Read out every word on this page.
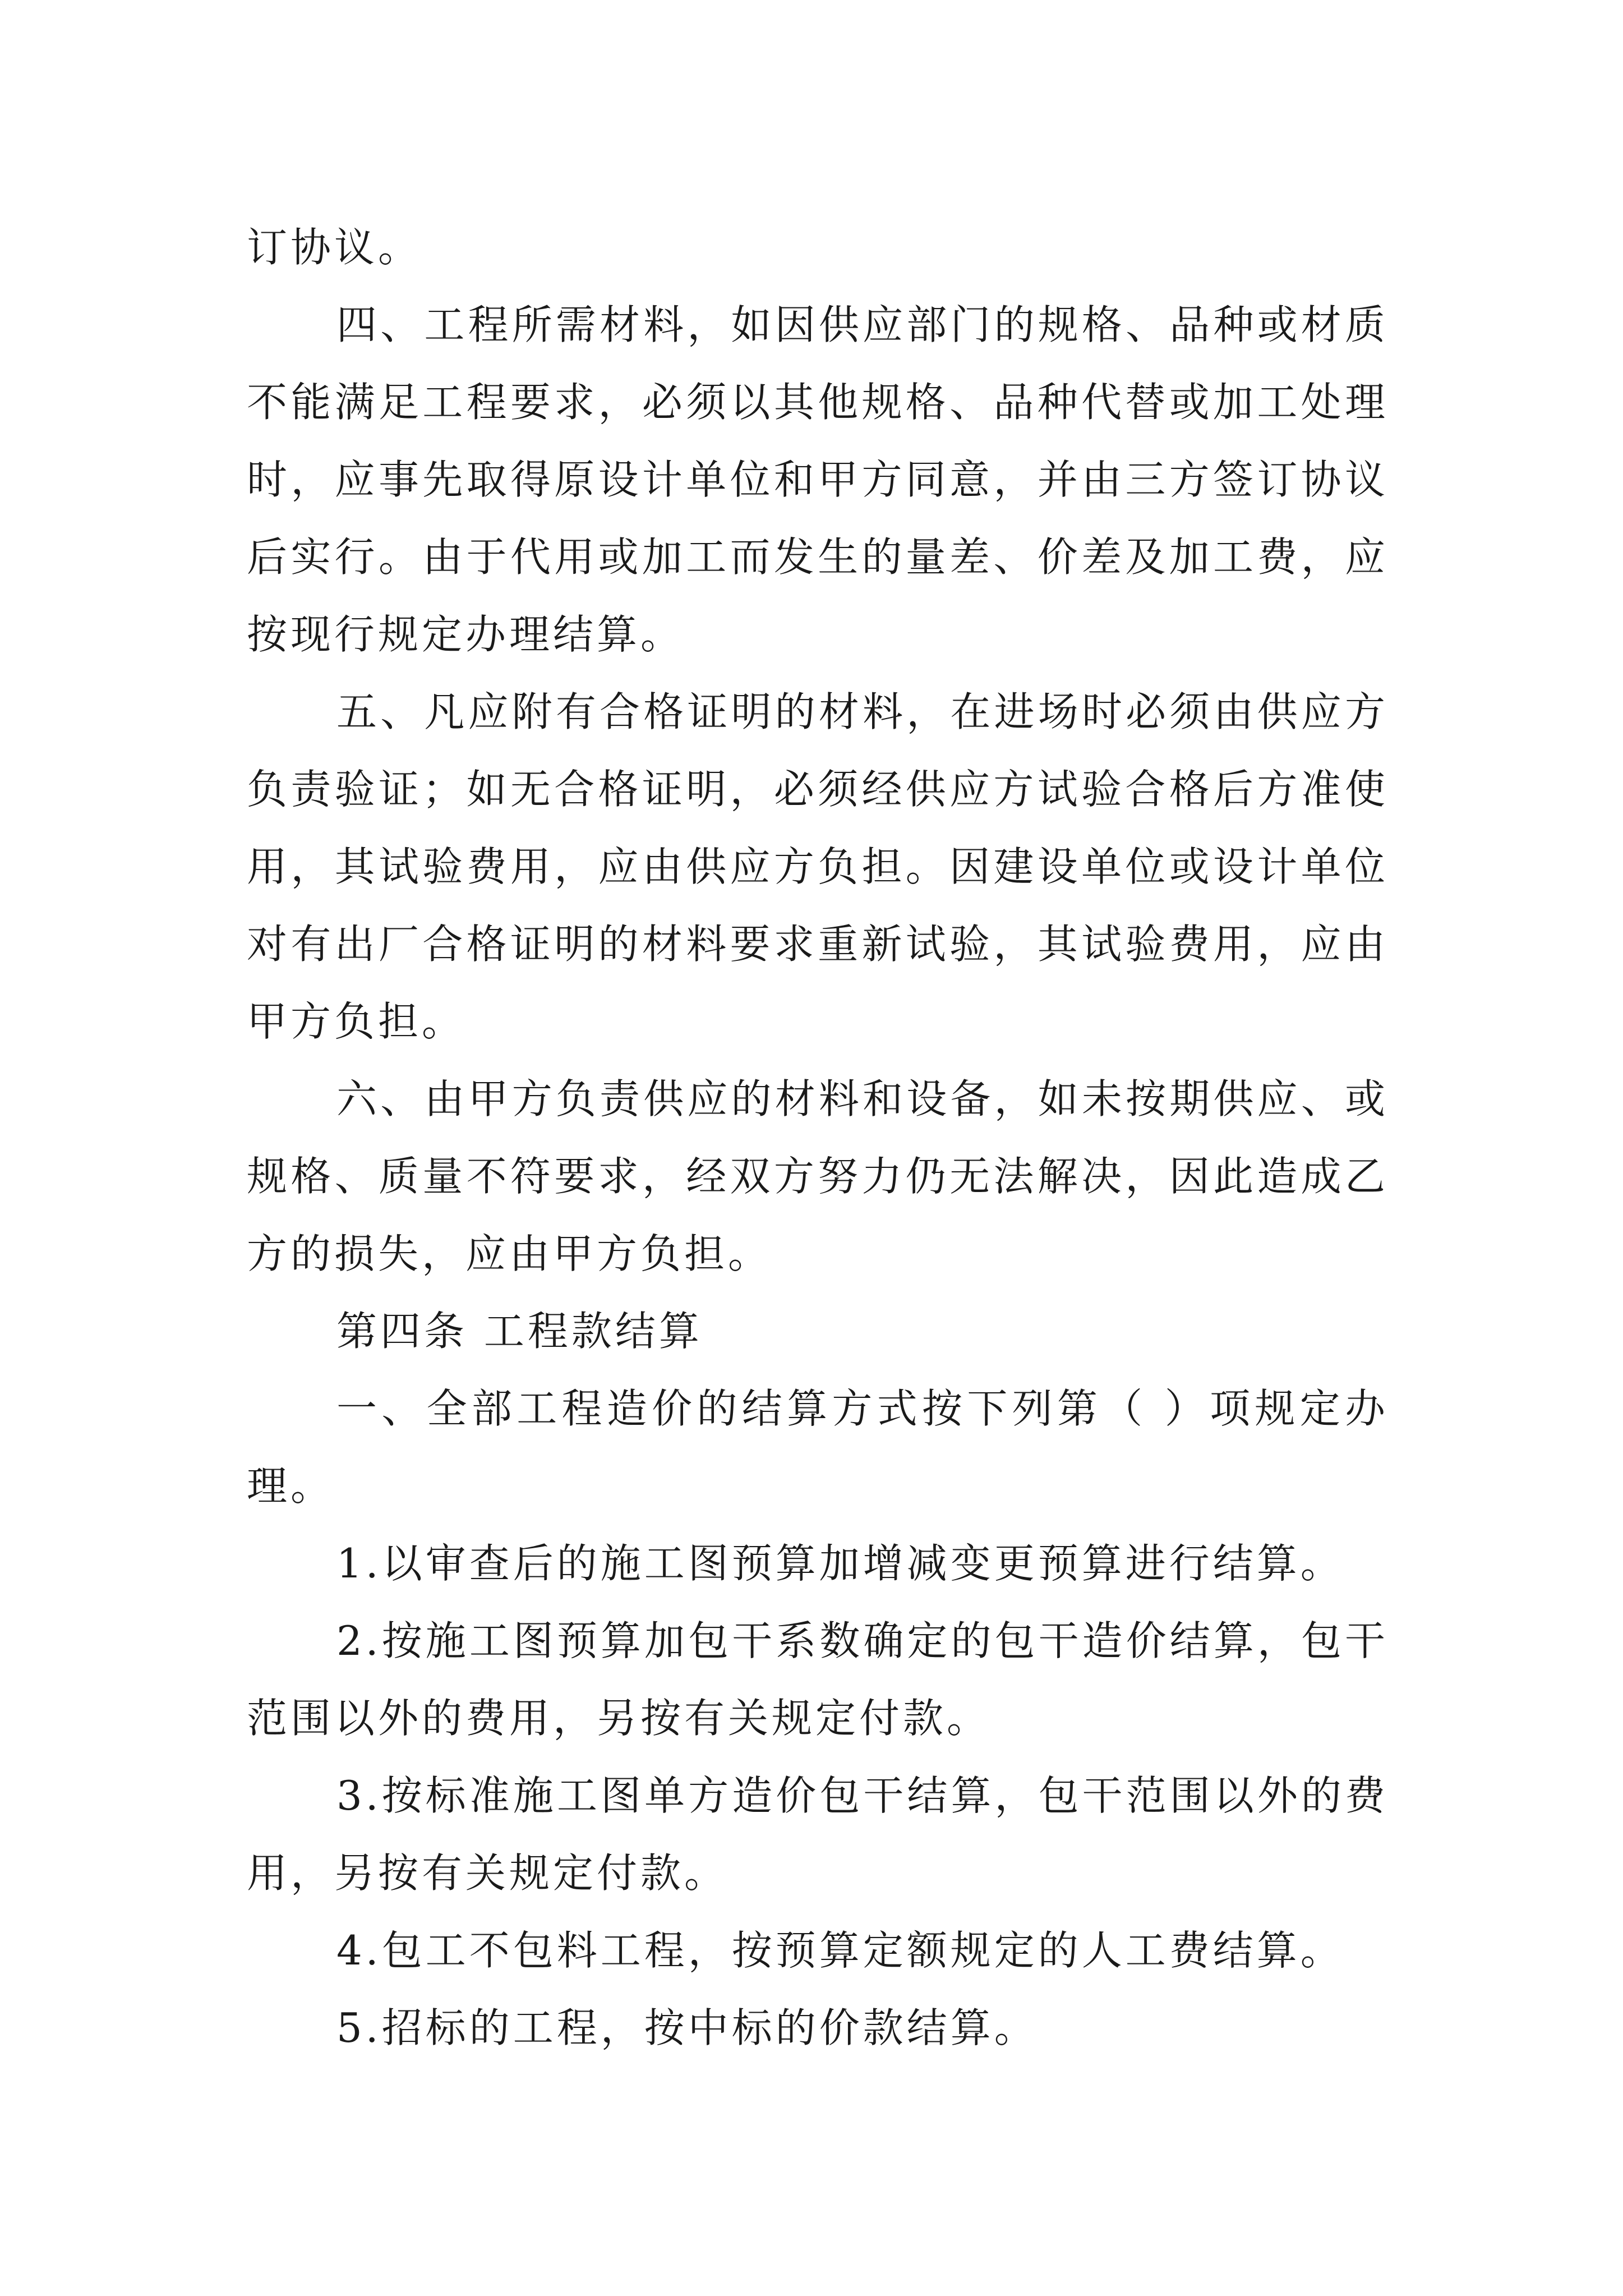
订协议。

四、工程所需材料，如因供应部门的规格、品种或材质不能满足工程要求，必须以其他规格、品种代替或加工处理时，应事先取得原设计单位和甲方同意，并由三方签订协议后实行。由于代用或加工而发生的量差、价差及加工费，应按现行规定办理结算。

五、凡应附有合格证明的材料，在进场时必须由供应方负责验证；如无合格证明，必须经供应方试验合格后方准使用，其试验费用，应由供应方负担。因建设单位或设计单位对有出厂合格证明的材料要求重新试验，其试验费用，应由甲方负担。

六、由甲方负责供应的材料和设备，如未按期供应、或规格、质量不符要求，经双方努力仍无法解决，因此造成乙方的损失，应由甲方负担。

第四条 工程款结算

一、全部工程造价的结算方式按下列第（ ）项规定办理。

1.以审查后的施工图预算加增减变更预算进行结算。

2.按施工图预算加包干系数确定的包干造价结算，包干范围以外的费用，另按有关规定付款。

3.按标准施工图单方造价包干结算，包干范围以外的费用，另按有关规定付款。

4.包工不包料工程，按预算定额规定的人工费结算。

5.招标的工程，按中标的价款结算。
